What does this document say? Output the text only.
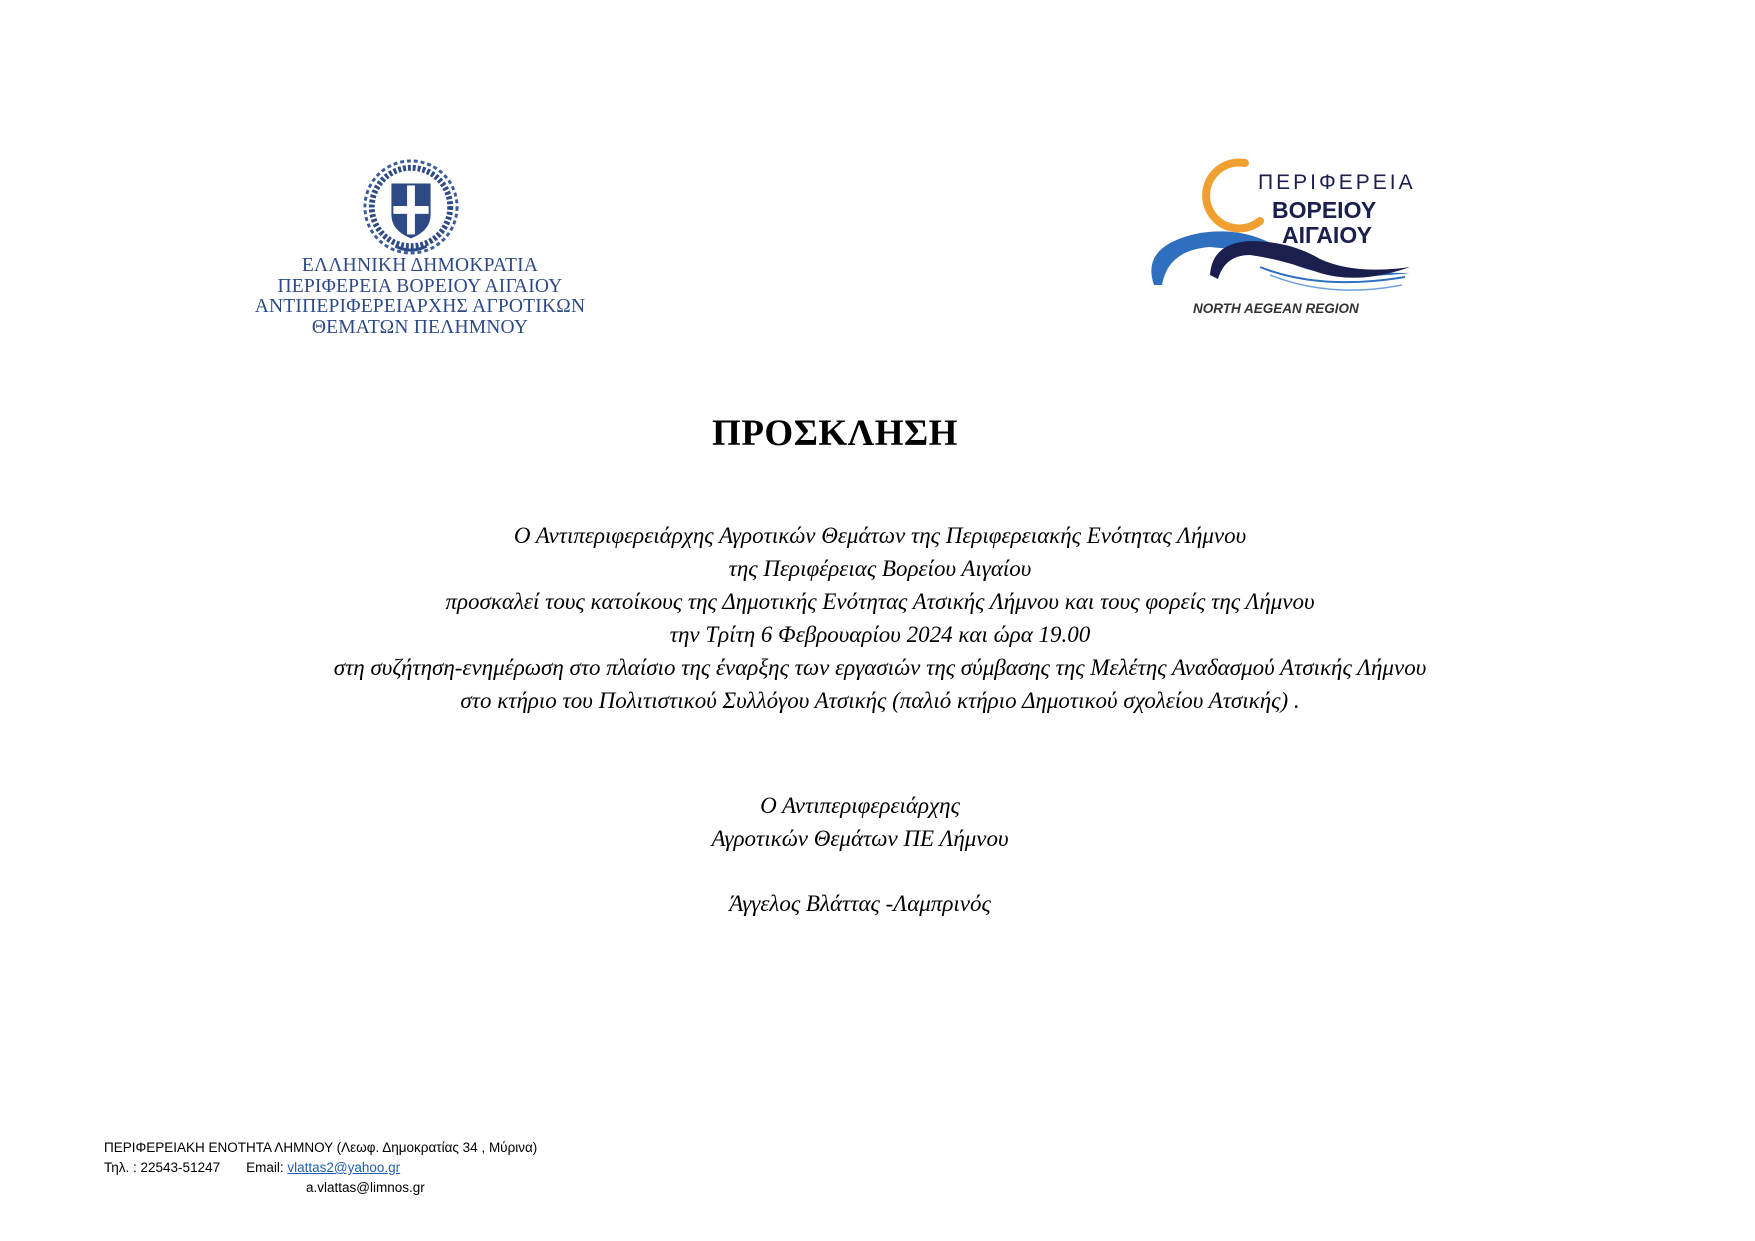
ΕΛΛΗΝΙΚΗ ΔΗΜΟΚΡΑΤΙΑ
ΠΕΡΙΦΕΡΕΙΑ ΒΟΡΕΙΟΥ ΑΙΓΑΙΟΥ
ΑΝΤΙΠΕΡΙΦΕΡΕΙΑΡΧΗΣ ΑΓΡΟΤΙΚΩΝ
ΘΕΜΑΤΩΝ ΠΕΛΗΜΝΟΥ
ΠΕΡΙΦΕΡΕΙΑ
ΒΟΡΕΙΟΥ
ΑΙΓΑΙΟΥ
NORTH AEGEAN REGION
ΠΡΟΣΚΛΗΣΗ
Ο Αντιπεριφερειάρχης Αγροτικών Θεμάτων της Περιφερειακής Ενότητας Λήμνου
της Περιφέρειας Βορείου Αιγαίου
προσκαλεί τους κατοίκους της Δημοτικής Ενότητας Ατσικής Λήμνου και τους φορείς της Λήμνου
την Τρίτη 6 Φεβρουαρίου 2024 και ώρα 19.00
στη συζήτηση-ενημέρωση στο πλαίσιο της έναρξης των εργασιών της σύμβασης της Μελέτης Αναδασμού Ατσικής Λήμνου
στο κτήριο του Πολιτιστικού Συλλόγου Ατσικής (παλιό κτήριο Δημοτικού σχολείου Ατσικής) .
Ο Αντιπεριφερειάρχης
Αγροτικών Θεμάτων ΠΕ Λήμνου
Άγγελος Βλάττας -Λαμπρινός
ΠΕΡΙΦΕΡΕΙΑΚΗ ΕΝΟΤΗΤΑ ΛΗΜΝΟΥ (Λεωφ. Δημοκρατίας 34 , Μύρινα)
Τηλ. : 22543-51247 Email: vlattas2@yahoo.gr
a.vlattas@limnos.gr
